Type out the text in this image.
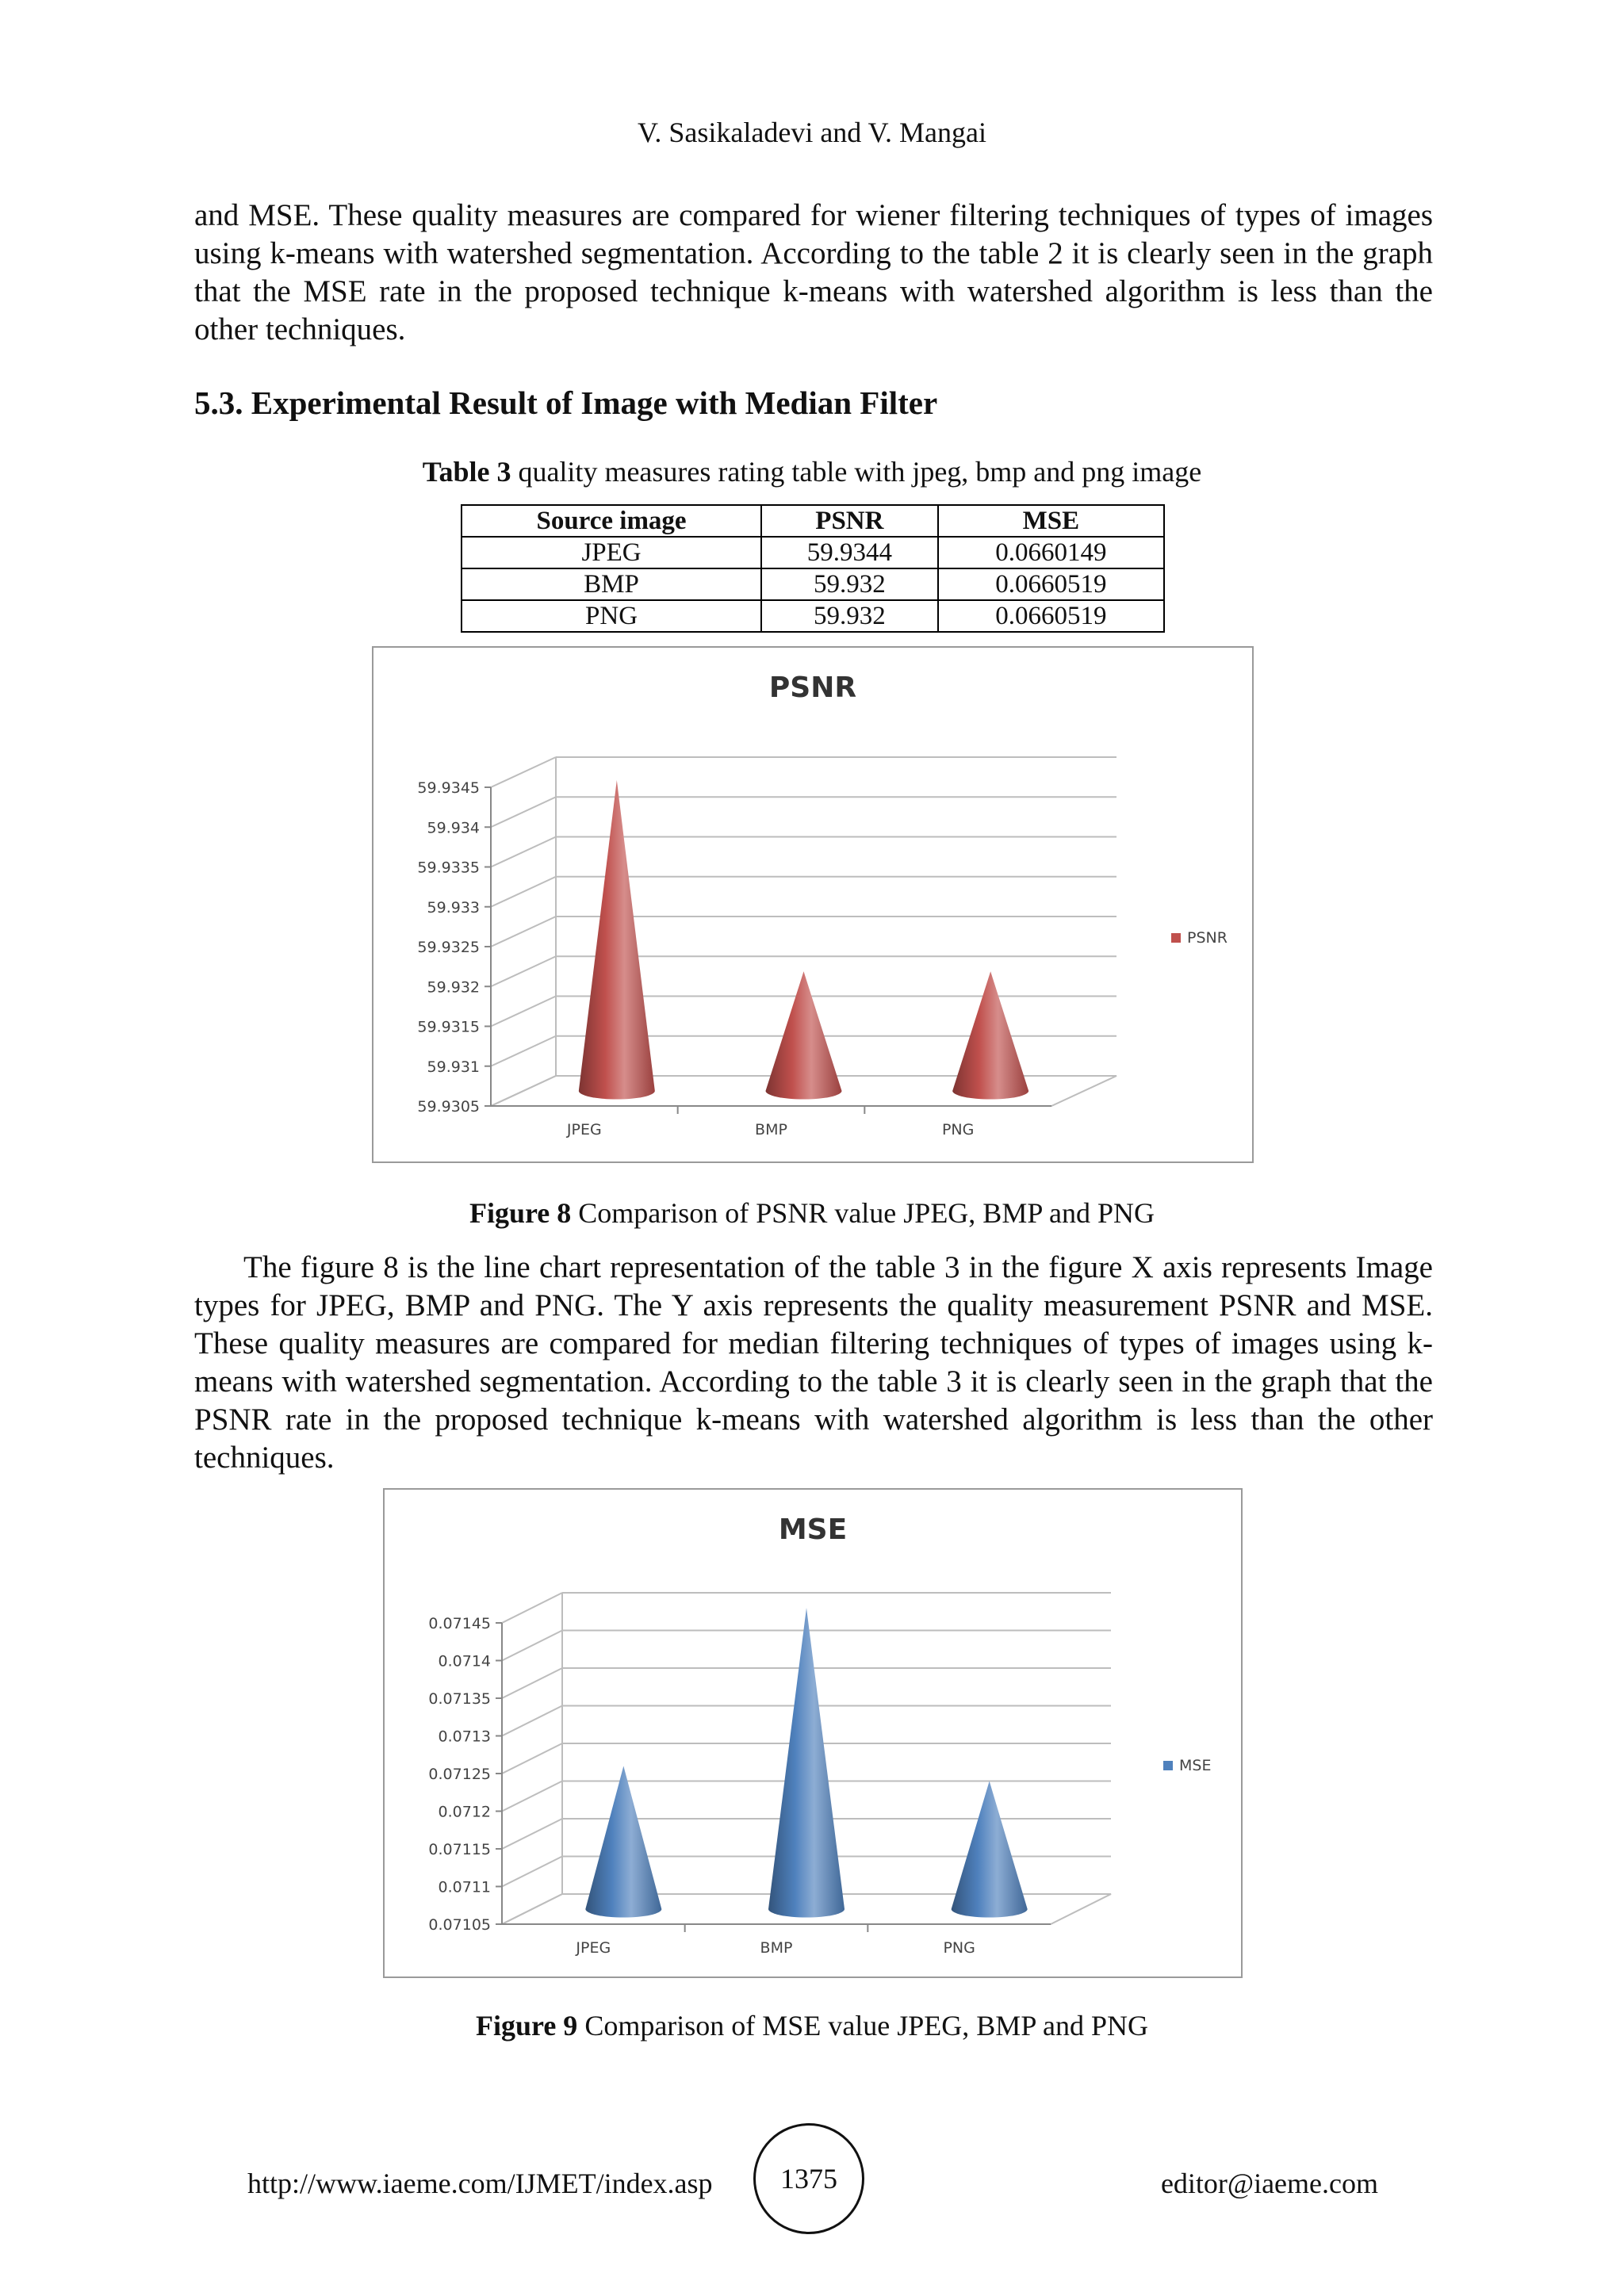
V. Sasikaladevi and V. Mangai

and MSE. These quality measures are compared for wiener filtering techniques of types of images using k-means with watershed segmentation. According to the table 2 it is clearly seen in the graph that the MSE rate in the proposed technique k-means with watershed algorithm is less than the other techniques.

5.3. Experimental Result of Image with Median Filter
Table 3 quality measures rating table with jpeg, bmp and png image
Source image	PSNR	MSE
JPEG	59.9344	0.0660149
BMP	59.932	0.0660519
PNG	59.932	0.0660519
PSNR
59.9305
59.931
59.9315
59.932
59.9325
59.933
59.9335
59.934
59.9345
JPEG	BMP	PNG
PSNR
Figure 8 Comparison of PSNR value JPEG, BMP and PNG

The figure 8 is the line chart representation of the table 3 in the figure X axis represents Image types for JPEG, BMP and PNG. The Y axis represents the quality measurement PSNR and MSE. These quality measures are compared for median filtering techniques of types of images using k-means with watershed segmentation. According to the table 3 it is clearly seen in the graph that the PSNR rate in the proposed technique k-means with watershed algorithm is less than the other techniques.

MSE
0.07105
0.0711
0.07115
0.0712
0.07125
0.0713
0.07135
0.0714
0.07145
JPEG	BMP	PNG
MSE
Figure 9 Comparison of MSE value JPEG, BMP and PNG
http://www.iaeme.com/IJMET/index.asp	1375	editor@iaeme.com
